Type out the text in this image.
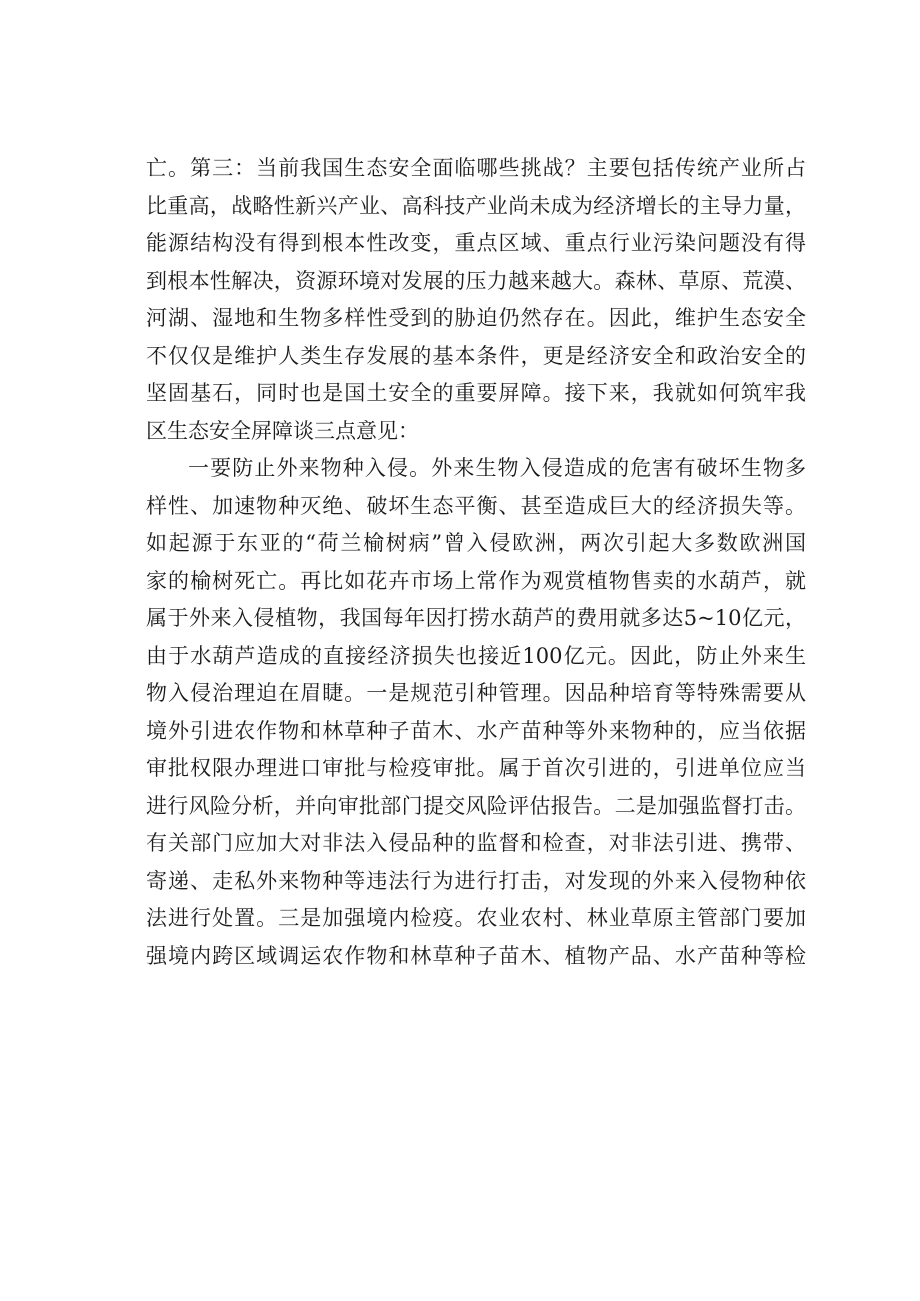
亡。第三：当前我国生态安全面临哪些挑战？主要包括传统产业所占
比重高，战略性新兴产业、高科技产业尚未成为经济增长的主导力量，
能源结构没有得到根本性改变，重点区域、重点行业污染问题没有得
到根本性解决，资源环境对发展的压力越来越大。森林、草原、荒漠、
河湖、湿地和生物多样性受到的胁迫仍然存在。因此，维护生态安全
不仅仅是维护人类生存发展的基本条件，更是经济安全和政治安全的
坚固基石，同时也是国土安全的重要屏障。接下来，我就如何筑牢我
区生态安全屏障谈三点意见：
一要防止外来物种入侵。外来生物入侵造成的危害有破坏生物多
样性、加速物种灭绝、破坏生态平衡、甚至造成巨大的经济损失等。
如起源于东亚的“荷兰榆树病”曾入侵欧洲，两次引起大多数欧洲国
家的榆树死亡。再比如花卉市场上常作为观赏植物售卖的水葫芦，就
属于外来入侵植物，我国每年因打捞水葫芦的费用就多达5~10亿元，
由于水葫芦造成的直接经济损失也接近100亿元。因此，防止外来生
物入侵治理迫在眉睫。一是规范引种管理。因品种培育等特殊需要从
境外引进农作物和林草种子苗木、水产苗种等外来物种的，应当依据
审批权限办理进口审批与检疫审批。属于首次引进的，引进单位应当
进行风险分析，并向审批部门提交风险评估报告。二是加强监督打击。
有关部门应加大对非法入侵品种的监督和检查，对非法引进、携带、
寄递、走私外来物种等违法行为进行打击，对发现的外来入侵物种依
法进行处置。三是加强境内检疫。农业农村、林业草原主管部门要加
强境内跨区域调运农作物和林草种子苗木、植物产品、水产苗种等检
